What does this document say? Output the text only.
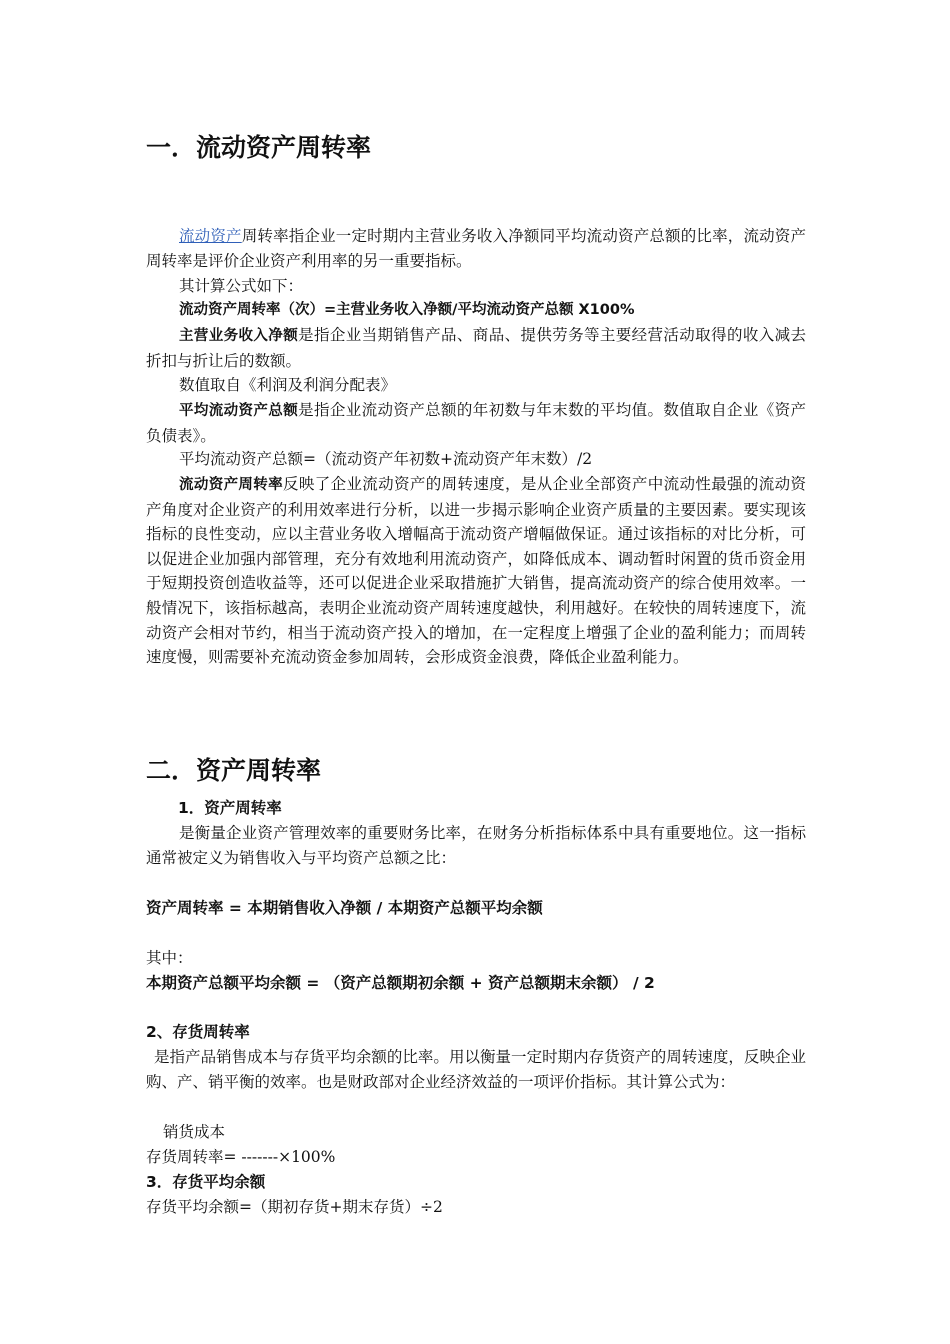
一．流动资产周转率

流动资产周转率指企业一定时期内主营业务收入净额同平均流动资产总额的比率，流动资产周转率是评价企业资产利用率的另一重要指标。

其计算公式如下：

流动资产周转率（次）=主营业务收入净额/平均流动资产总额 X100%

主营业务收入净额是指企业当期销售产品、商品、提供劳务等主要经营活动取得的收入减去折扣与折让后的数额。

数值取自《利润及利润分配表》

平均流动资产总额是指企业流动资产总额的年初数与年末数的平均值。数值取自企业《资产负债表》。

平均流动资产总额=（流动资产年初数+流动资产年末数）/2

流动资产周转率反映了企业流动资产的周转速度，是从企业全部资产中流动性最强的流动资产角度对企业资产的利用效率进行分析，以进一步揭示影响企业资产质量的主要因素。要实现该指标的良性变动，应以主营业务收入增幅高于流动资产增幅做保证。通过该指标的对比分析，可以促进企业加强内部管理，充分有效地利用流动资产，如降低成本、调动暂时闲置的货币资金用于短期投资创造收益等，还可以促进企业采取措施扩大销售，提高流动资产的综合使用效率。一般情况下，该指标越高，表明企业流动资产周转速度越快，利用越好。在较快的周转速度下，流动资产会相对节约，相当于流动资产投入的增加，在一定程度上增强了企业的盈利能力；而周转速度慢，则需要补充流动资金参加周转，会形成资金浪费，降低企业盈利能力。

二．资产周转率

1．资产周转率

是衡量企业资产管理效率的重要财务比率，在财务分析指标体系中具有重要地位。这一指标通常被定义为销售收入与平均资产总额之比：

资产周转率 = 本期销售收入净额 / 本期资产总额平均余额

其中：

本期资产总额平均余额 = （资产总额期初余额 + 资产总额期末余额） / 2

2、存货周转率

是指产品销售成本与存货平均余额的比率。用以衡量一定时期内存货资产的周转速度，反映企业购、产、销平衡的效率。也是财政部对企业经济效益的一项评价指标。其计算公式为：

销货成本

存货周转率= -------×100%

3．存货平均余额

存货平均余额=（期初存货+期末存货）÷2
